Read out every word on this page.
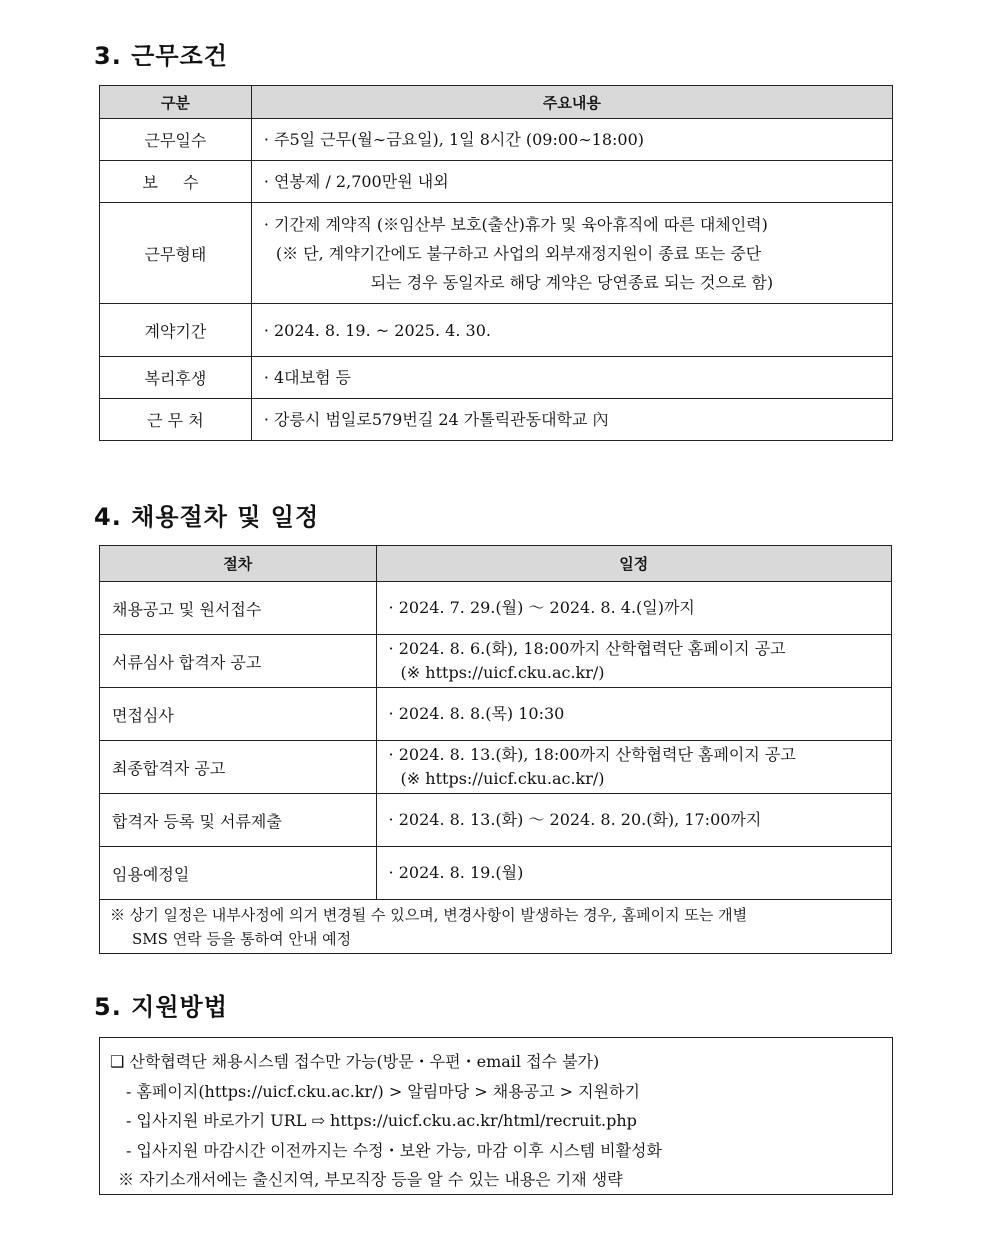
3. 근무조건
구분	주요내용
근무일수	· 주5일 근무(월∼금요일), 1일 8시간 (09:00∼18:00)

보 수	· 연봉제 / 2,700만원 내외

근무형태	· 기간제 계약직 (※임산부 보호(출산)휴가 및 육아휴직에 따른 대체인력)
(※ 단, 계약기간에도 불구하고 사업의 외부재정지원이 종료 또는 중단
되는 경우 동일자로 해당 계약은 당연종료 되는 것으로 함)

계약기간	· 2024. 8. 19. ~ 2025. 4. 30.

복리후생	· 4대보험 등

근 무 처	· 강릉시 범일로579번길 24 가톨릭관동대학교 內
4. 채용절차 및 일정
절차	일정
채용공고 및 원서접수	· 2024. 7. 29.(월) ～ 2024. 8. 4.(일)까지

서류심사 합격자 공고	· 2024. 8. 6.(화), 18:00까지 산학협력단 홈페이지 공고
(※ https://uicf.cku.ac.kr/)

면접심사	· 2024. 8. 8.(목) 10:30

최종합격자 공고	· 2024. 8. 13.(화), 18:00까지 산학협력단 홈페이지 공고
(※ https://uicf.cku.ac.kr/)

합격자 등록 및 서류제출	· 2024. 8. 13.(화) ～ 2024. 8. 20.(화), 17:00까지

임용예정일	· 2024. 8. 19.(월)

※ 상기 일정은 내부사정에 의거 변경될 수 있으며, 변경사항이 발생하는 경우, 홈페이지 또는 개별
SMS 연락 등을 통하여 안내 예정	
5. 지원방법
❑ 산학협력단 채용시스템 접수만 가능(방문・우편・email 접수 불가)
- 홈페이지(https://uicf.cku.ac.kr/) > 알림마당 > 채용공고 > 지원하기
- 입사지원 바로가기 URL ⇨ https://uicf.cku.ac.kr/html/recruit.php
- 입사지원 마감시간 이전까지는 수정・보완 가능, 마감 이후 시스템 비활성화
※ 자기소개서에는 출신지역, 부모직장 등을 알 수 있는 내용은 기재 생략
